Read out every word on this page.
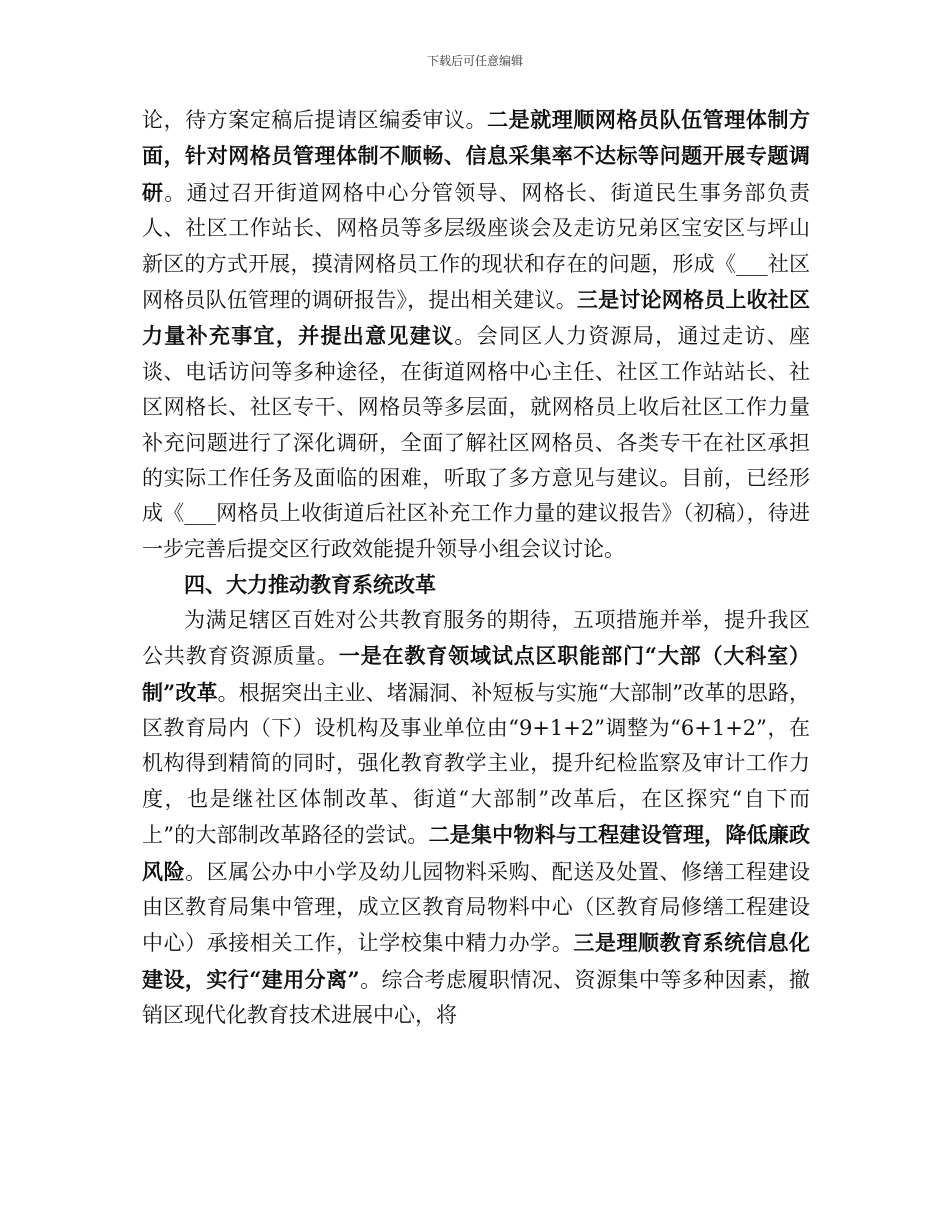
下载后可任意编辑

论，待方案定稿后提请区编委审议。二是就理顺网格员队伍管理体制方面，针对网格员管理体制不顺畅、信息采集率不达标等问题开展专题调研。通过召开街道网格中心分管领导、网格长、街道民生事务部负责人、社区工作站长、网格员等多层级座谈会及走访兄弟区宝安区与坪山新区的方式开展，摸清网格员工作的现状和存在的问题，形成《___社区网格员队伍管理的调研报告》，提出相关建议。三是讨论网格员上收社区力量补充事宜，并提出意见建议。会同区人力资源局，通过走访、座谈、电话访问等多种途径，在街道网格中心主任、社区工作站站长、社区网格长、社区专干、网格员等多层面，就网格员上收后社区工作力量补充问题进行了深化调研，全面了解社区网格员、各类专干在社区承担的实际工作任务及面临的困难，听取了多方意见与建议。目前，已经形成《___网格员上收街道后社区补充工作力量的建议报告》（初稿），待进一步完善后提交区行政效能提升领导小组会议讨论。

四、大力推动教育系统改革

为满足辖区百姓对公共教育服务的期待，五项措施并举，提升我区公共教育资源质量。一是在教育领域试点区职能部门“大部（大科室）制”改革。根据突出主业、堵漏洞、补短板与实施“大部制”改革的思路，区教育局内（下）设机构及事业单位由“9+1+2”调整为“6+1+2”，在机构得到精简的同时，强化教育教学主业，提升纪检监察及审计工作力度，也是继社区体制改革、街道“大部制”改革后，在区探究“自下而上”的大部制改革路径的尝试。二是集中物料与工程建设管理，降低廉政风险。区属公办中小学及幼儿园物料采购、配送及处置、修缮工程建设由区教育局集中管理，成立区教育局物料中心（区教育局修缮工程建设中心）承接相关工作，让学校集中精力办学。三是理顺教育系统信息化建设，实行“建用分离”。综合考虑履职情况、资源集中等多种因素，撤销区现代化教育技术进展中心，将
